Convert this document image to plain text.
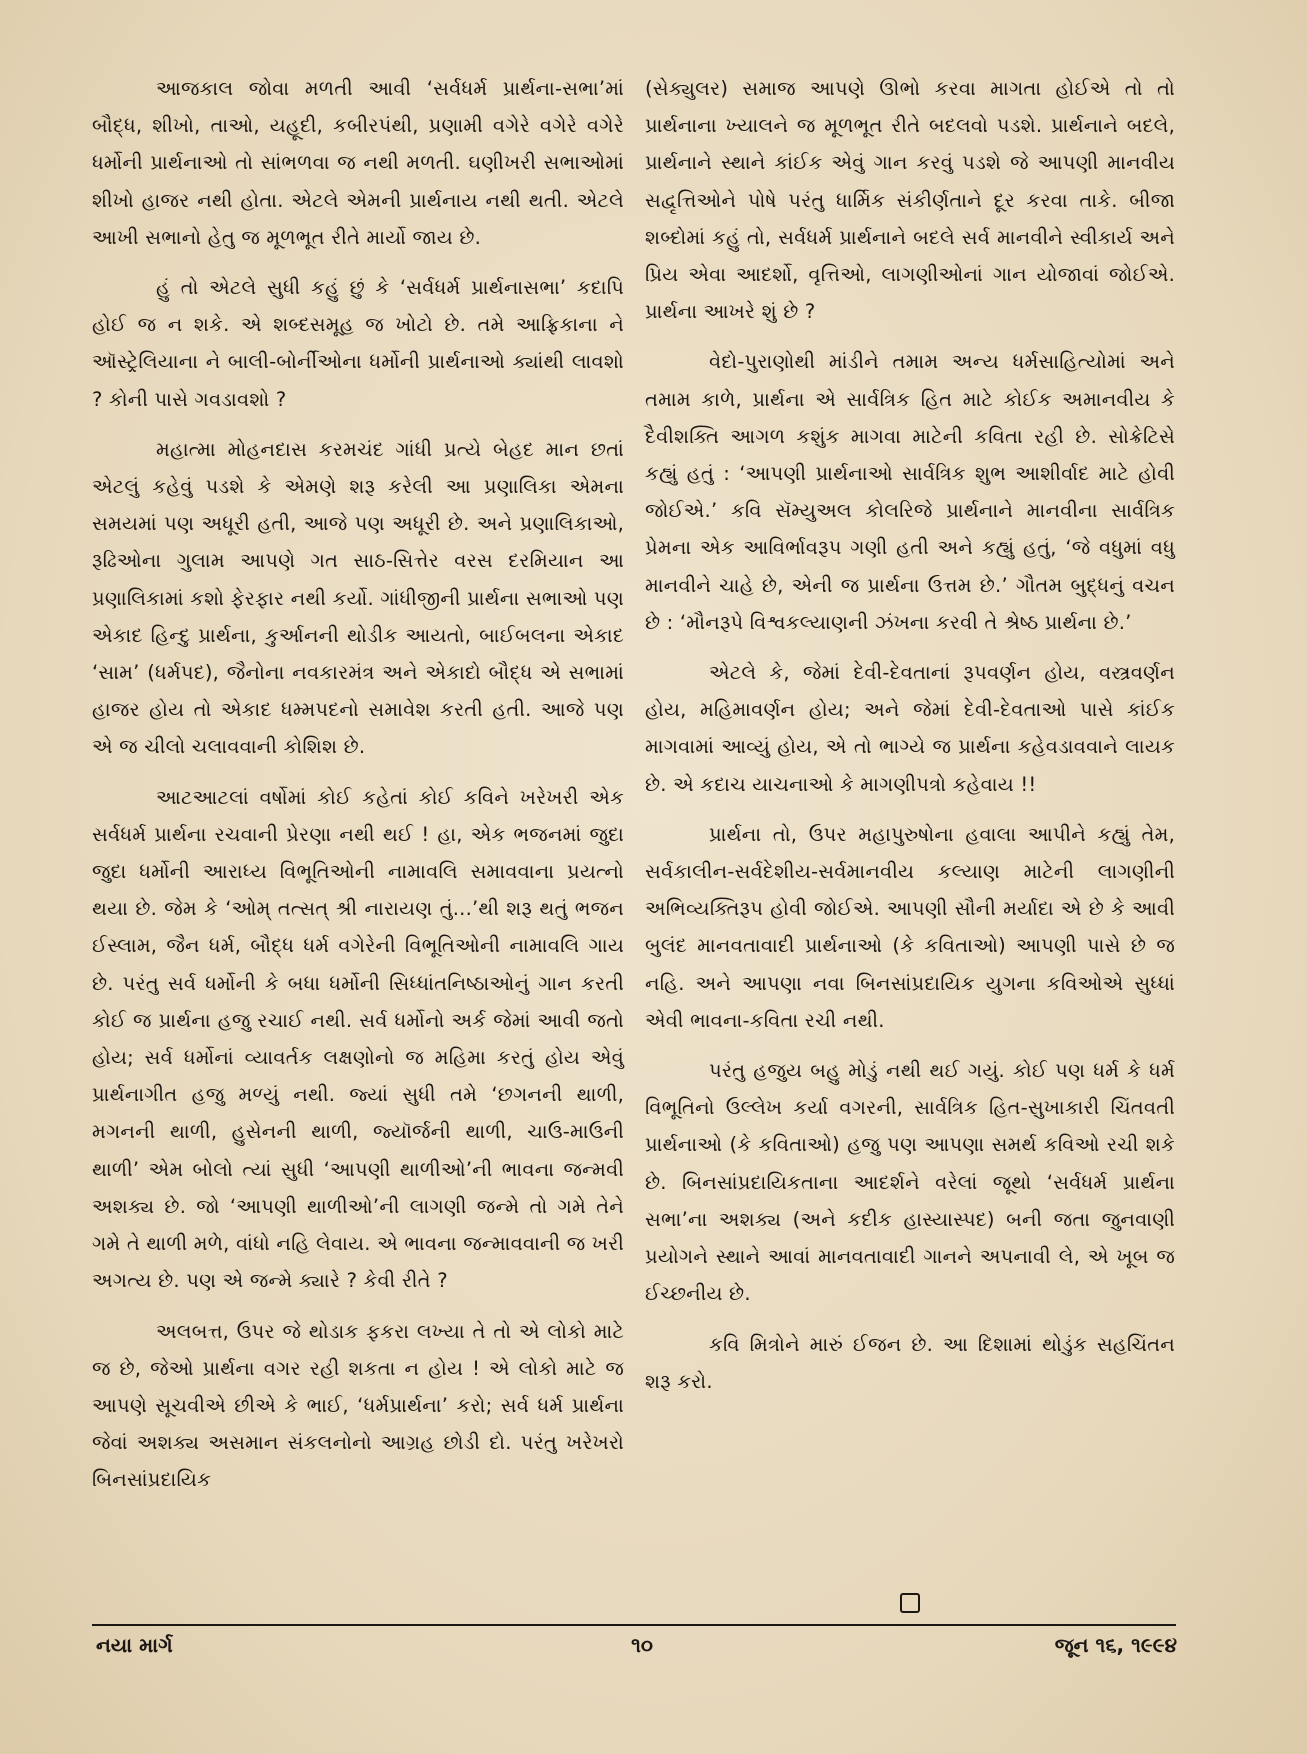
આજકાલ જોવા મળતી આવી ‘સર્વધર્મ પ્રાર્થના-સભા’માં બૌદ્ધ, શીખો, તાઓ, યહૂદી, કબીરપંથી, પ્રણામી વગેરે વગેરે વગેરે ધર્મોની પ્રાર્થનાઓ તો સાંભળવા જ નથી મળતી. ઘણીખરી સભાઓમાં શીખો હાજર નથી હોતા. એટલે એમની પ્રાર્થનાય નથી થતી. એટલે આખી સભાનો હેતુ જ મૂળભૂત રીતે માર્યો જાય છે.

હું તો એટલે સુધી કહું છું કે ‘સર્વધર્મ પ્રાર્થનાસભા’ કદાપિ હોઈ જ ન શકે. એ શબ્દસમૂહ જ ખોટો છે. તમે આફ્રિકાના ને ઑસ્ટ્રેલિયાના ને બાલી-બોર્નીઓના ધર્મોની પ્રાર્થનાઓ ક્યાંથી લાવશો ? કોની પાસે ગવડાવશો ?

મહાત્મા મોહનદાસ કરમચંદ ગાંધી પ્રત્યે બેહદ માન છતાં એટલું કહેવું પડશે કે એમણે શરૂ કરેલી આ પ્રણાલિકા એમના સમયમાં પણ અધૂરી હતી, આજે પણ અધૂરી છે. અને પ્રણાલિકાઓ, રૂઢિઓના ગુલામ આપણે ગત સાઠ-સિત્તેર વરસ દરમિયાન આ પ્રણાલિકામાં કશો ફેરફાર નથી કર્યો. ગાંધીજીની પ્રાર્થના સભાઓ પણ એકાદ હિન્દુ પ્રાર્થના, કુર્આનની થોડીક આયતો, બાઈબલના એકાદ ‘સામ’ (ધર્મપદ), જૈનોના નવકારમંત્ર અને એકાદો બૌદ્ધ એ સભામાં હાજર હોય તો એકાદ ધમ્મપદનો સમાવેશ કરતી હતી. આજે પણ એ જ ચીલો ચલાવવાની કોશિશ છે.

આટઆટલાં વર્ષોમાં કોઈ કહેતાં કોઈ કવિને ખરેખરી એક સર્વધર્મ પ્રાર્થના રચવાની પ્રેરણા નથી થઈ ! હા, એક ભજનમાં જુદા જુદા ધર્મોની આરાધ્ય વિભૂતિઓની નામાવલિ સમાવવાના પ્રયત્નો થયા છે. જેમ કે ‘ઓમ્ તત્સત્ શ્રી નારાયણ તું...’થી શરૂ થતું ભજન ઈસ્લામ, જૈન ધર્મ, બૌદ્ધ ધર્મ વગેરેની વિભૂતિઓની નામાવલિ ગાય છે. પરંતુ સર્વ ધર્મોની કે બધા ધર્મોની સિધ્ધાંતનિષ્ઠાઓનું ગાન કરતી કોઈ જ પ્રાર્થના હજુ રચાઈ નથી. સર્વ ધર્મોનો અર્ક જેમાં આવી જતો હોય; સર્વ ધર્મોનાં વ્યાવર્તક લક્ષણોનો જ મહિમા કરતું હોય એવું પ્રાર્થનાગીત હજુ મળ્યું નથી. જ્યાં સુધી તમે ‘છગનની થાળી, મગનની થાળી, હુસેનની થાળી, જ્યૉર્જની થાળી, ચાઉ-માઉની થાળી’ એમ બોલો ત્યાં સુધી ‘આપણી થાળીઓ’ની ભાવના જન્મવી અશક્ય છે. જો ‘આપણી થાળીઓ’ની લાગણી જન્મે તો ગમે તેને ગમે તે થાળી મળે, વાંધો નહિ લેવાય. એ ભાવના જન્માવવાની જ ખરી અગત્ય છે. પણ એ જન્મે ક્યારે ? કેવી રીતે ?

અલબત્ત, ઉપર જે થોડાક ફકરા લખ્યા તે તો એ લોકો માટે જ છે, જેઓ પ્રાર્થના વગર રહી શકતા ન હોય ! એ લોકો માટે જ આપણે સૂચવીએ છીએ કે ભાઈ, ‘ધર્મપ્રાર્થના’ કરો; સર્વ ધર્મ પ્રાર્થના જેવાં અશક્ય અસમાન સંકલનોનો આગ્રહ છોડી દો. પરંતુ ખરેખરો બિનસાંપ્રદાયિક

(સેક્યુલર) સમાજ આપણે ઊભો કરવા માગતા હોઈએ તો તો પ્રાર્થનાના ખ્યાલને જ મૂળભૂત રીતે બદલવો પડશે. પ્રાર્થનાને બદલે, પ્રાર્થનાને સ્થાને કાંઈક એવું ગાન કરવું પડશે જે આપણી માનવીય સદ્વૃત્તિઓને પોષે પરંતુ ધાર્મિક સંકીર્ણતાને દૂર કરવા તાકે. બીજા શબ્દોમાં કહું તો, સર્વધર્મ પ્રાર્થનાને બદલે સર્વ માનવીને સ્વીકાર્ય અને પ્રિય એવા આદર્શો, વૃત્તિઓ, લાગણીઓનાં ગાન યોજાવાં જોઈએ. પ્રાર્થના આખરે શું છે ?

વેદો-પુરાણોથી માંડીને તમામ અન્ય ધર્મસાહિત્યોમાં અને તમામ કાળે, પ્રાર્થના એ સાર્વત્રિક હિત માટે કોઈક અમાનવીય કે દૈવીશક્તિ આગળ કશુંક માગવા માટેની કવિતા રહી છે. સોક્રેટિસે કહ્યું હતું : ‘આપણી પ્રાર્થનાઓ સાર્વત્રિક શુભ આશીર્વાદ માટે હોવી જોઈએ.’ કવિ સૅમ્યુઅલ કોલરિજે પ્રાર્થનાને માનવીના સાર્વત્રિક પ્રેમના એક આવિર્ભાવરૂપ ગણી હતી અને કહ્યું હતું, ‘જે વધુમાં વધુ માનવીને ચાહે છે, એની જ પ્રાર્થના ઉત્તમ છે.’ ગૌતમ બુદ્ધનું વચન છે : ‘મૌનરૂપે વિશ્વકલ્યાણની ઝંખના કરવી તે શ્રેષ્ઠ પ્રાર્થના છે.’

એટલે કે, જેમાં દેવી-દેવતાનાં રૂપવર્ણન હોય, વસ્ત્રવર્ણન હોય, મહિમાવર્ણન હોય; અને જેમાં દેવી-દેવતાઓ પાસે કાંઈક માગવામાં આવ્યું હોય, એ તો ભાગ્યે જ પ્રાર્થના કહેવડાવવાને લાયક છે. એ કદાચ યાચનાઓ કે માગણીપત્રો કહેવાય !!

પ્રાર્થના તો, ઉપર મહાપુરુષોના હવાલા આપીને કહ્યું તેમ, સર્વકાલીન-સર્વદેશીય-સર્વમાનવીય કલ્યાણ માટેની લાગણીની અભિવ્યક્તિરૂપ હોવી જોઈએ. આપણી સૌની મર્યાદા એ છે કે આવી બુલંદ માનવતાવાદી પ્રાર્થનાઓ (કે કવિતાઓ) આપણી પાસે છે જ નહિ. અને આપણા નવા બિનસાંપ્રદાયિક યુગના કવિઓએ સુધ્ધાં એવી ભાવના-કવિતા રચી નથી.

પરંતુ હજુય બહુ મોડું નથી થઈ ગયું. કોઈ પણ ધર્મ કે ધર્મ વિભૂતિનો ઉલ્લેખ કર્યા વગરની, સાર્વત્રિક હિત-સુખાકારી ચિંતવતી પ્રાર્થનાઓ (કે કવિતાઓ) હજુ પણ આપણા સમર્થ કવિઓ રચી શકે છે. બિનસાંપ્રદાયિકતાના આદર્શને વરેલાં જૂથો ‘સર્વધર્મ પ્રાર્થના સભા’ના અશક્ય (અને કદીક હાસ્યાસ્પદ) બની જતા જુનવાણી પ્રયોગને સ્થાને આવાં માનવતાવાદી ગાનને અપનાવી લે, એ ખૂબ જ ઈચ્છનીય છે.

કવિ મિત્રોને મારું ઈજન છે. આ દિશામાં થોડુંક સહચિંતન શરૂ કરો.

નયા માર્ગ	૧૦	જૂન ૧૬, ૧૯૯૪
